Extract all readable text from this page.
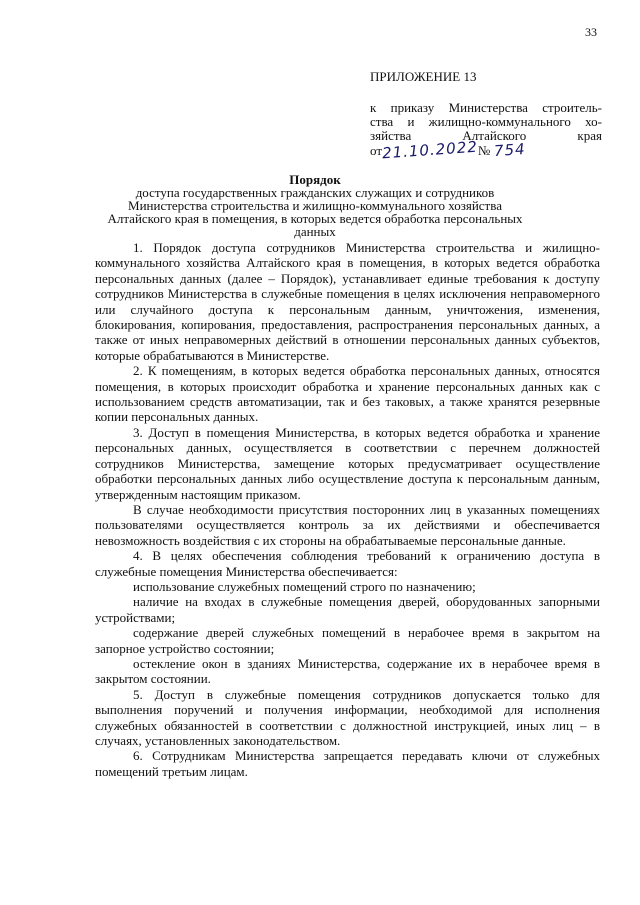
33

ПРИЛОЖЕНИЕ 13

к приказу Министерства строитель-
ства и жилищно-коммунального хо-
зяйства Алтайского края
от21.10.2022№ 754

Порядок

доступа государственных гражданских служащих и сотрудников Министерства строительства и жилищно-коммунального хозяйства Алтайского края в помещения, в которых ведется обработка персональных данных

1. Порядок доступа сотрудников Министерства строительства и жилищно-коммунального хозяйства Алтайского края в помещения, в которых ведется обработка персональных данных (далее – Порядок), устанавливает единые требования к доступу сотрудников Министерства в служебные помещения в целях исключения неправомерного или случайного доступа к персональным данным, уничтожения, изменения, блокирования, копирования, предоставления, распространения персональных данных, а также от иных неправомерных действий в отношении персональных данных субъектов, которые обрабатываются в Министерстве.

2. К помещениям, в которых ведется обработка персональных данных, относятся помещения, в которых происходит обработка и хранение персональных данных как с использованием средств автоматизации, так и без таковых, а также хранятся резервные копии персональных данных.

3. Доступ в помещения Министерства, в которых ведется обработка и хранение персональных данных, осуществляется в соответствии с перечнем должностей сотрудников Министерства, замещение которых предусматривает осуществление обработки персональных данных либо осуществление доступа к персональным данным, утвержденным настоящим приказом.

В случае необходимости присутствия посторонних лиц в указанных помещениях пользователями осуществляется контроль за их действиями и обеспечивается невозможность воздействия с их стороны на обрабатываемые персональные данные.

4. В целях обеспечения соблюдения требований к ограничению доступа в служебные помещения Министерства обеспечивается:

использование служебных помещений строго по назначению;

наличие на входах в служебные помещения дверей, оборудованных запорными устройствами;

содержание дверей служебных помещений в нерабочее время в закрытом на запорное устройство состоянии;

остекление окон в зданиях Министерства, содержание их в нерабочее время в закрытом состоянии.

5. Доступ в служебные помещения сотрудников допускается только для выполнения поручений и получения информации, необходимой для исполнения служебных обязанностей в соответствии с должностной инструкцией, иных лиц – в случаях, установленных законодательством.

6. Сотрудникам Министерства запрещается передавать ключи от служебных помещений третьим лицам.
